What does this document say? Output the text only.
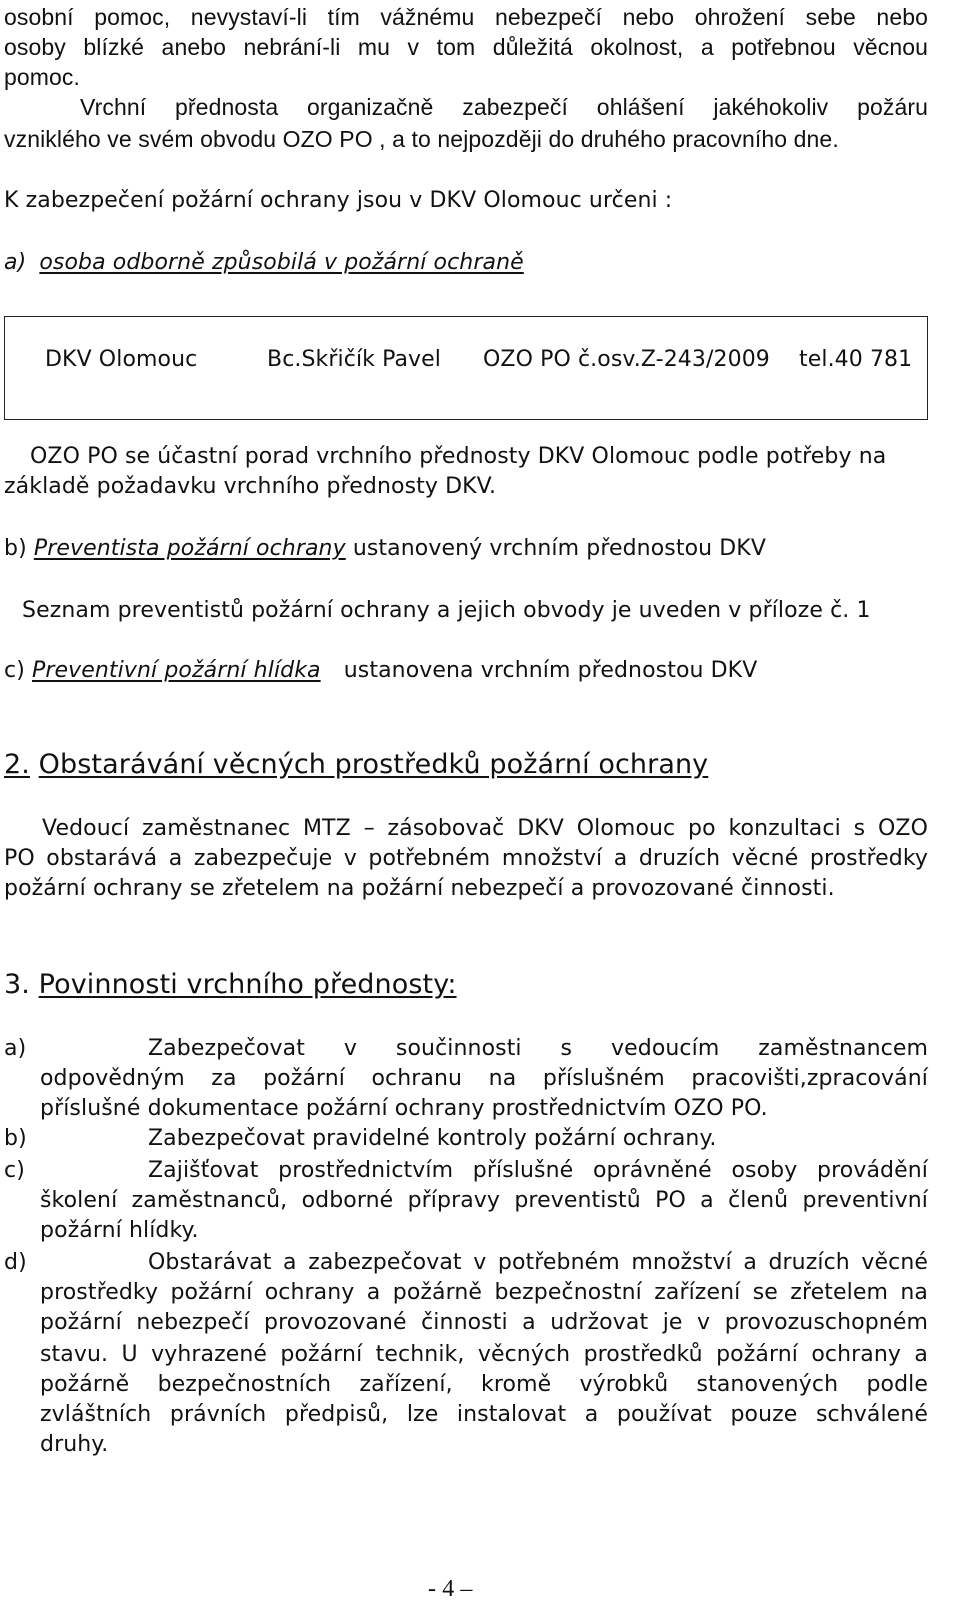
osobní pomoc, nevystaví-li tím vážnému nebezpečí nebo ohrožení sebe nebo

osoby blízké anebo nebrání-li mu v tom důležitá okolnost, a potřebnou věcnou

pomoc.

Vrchní přednosta organizačně zabezpečí ohlášení jakéhokoliv požáru

vzniklého ve svém obvodu OZO PO , a to nejpozději do druhého pracovního dne.

K zabezpečení požární ochrany jsou v DKV Olomouc určeni :

a) osoba odborně způsobilá v požární ochraně

DKV Olomouc	Bc.Skřičík Pavel OZO PO č.osv.Z-243/2009 tel.40 781

OZO PO se účastní porad vrchního přednosty DKV Olomouc podle potřeby na

základě požadavku vrchního přednosty DKV.

b) Preventista požární ochrany ustanovený vrchním přednostou DKV

Seznam preventistů požární ochrany a jejich obvody je uveden v příloze č. 1

c) Preventivní požární hlídka ustanovena vrchním přednostou DKV

2. Obstarávání věcných prostředků požární ochrany

Vedoucí zaměstnanec MTZ – zásobovač DKV Olomouc po konzultaci s OZO

PO obstarává a zabezpečuje v potřebném množství a druzích věcné prostředky

požární ochrany se zřetelem na požární nebezpečí a provozované činnosti.

3. Povinnosti vrchního přednosty:
a)	Zabezpečovat v součinnosti s vedoucím zaměstnancem

odpovědným za požární ochranu na příslušném pracovišti,zpracování

příslušné dokumentace požární ochrany prostřednictvím OZO PO.

b)	Zabezpečovat pravidelné kontroly požární ochrany.

c)	Zajišťovat prostřednictvím příslušné oprávněné osoby provádění

školení zaměstnanců, odborné přípravy preventistů PO a členů preventivní

požární hlídky.

d)	Obstarávat a zabezpečovat v potřebném množství a druzích věcné

prostředky požární ochrany a požárně bezpečnostní zařízení se zřetelem na

požární nebezpečí provozované činnosti a udržovat je v provozuschopném

stavu. U vyhrazené požární technik, věcných prostředků požární ochrany a

požárně bezpečnostních zařízení, kromě výrobků stanovených podle

zvláštních právních předpisů, lze instalovat a používat pouze schválené

druhy.

- 4 –
